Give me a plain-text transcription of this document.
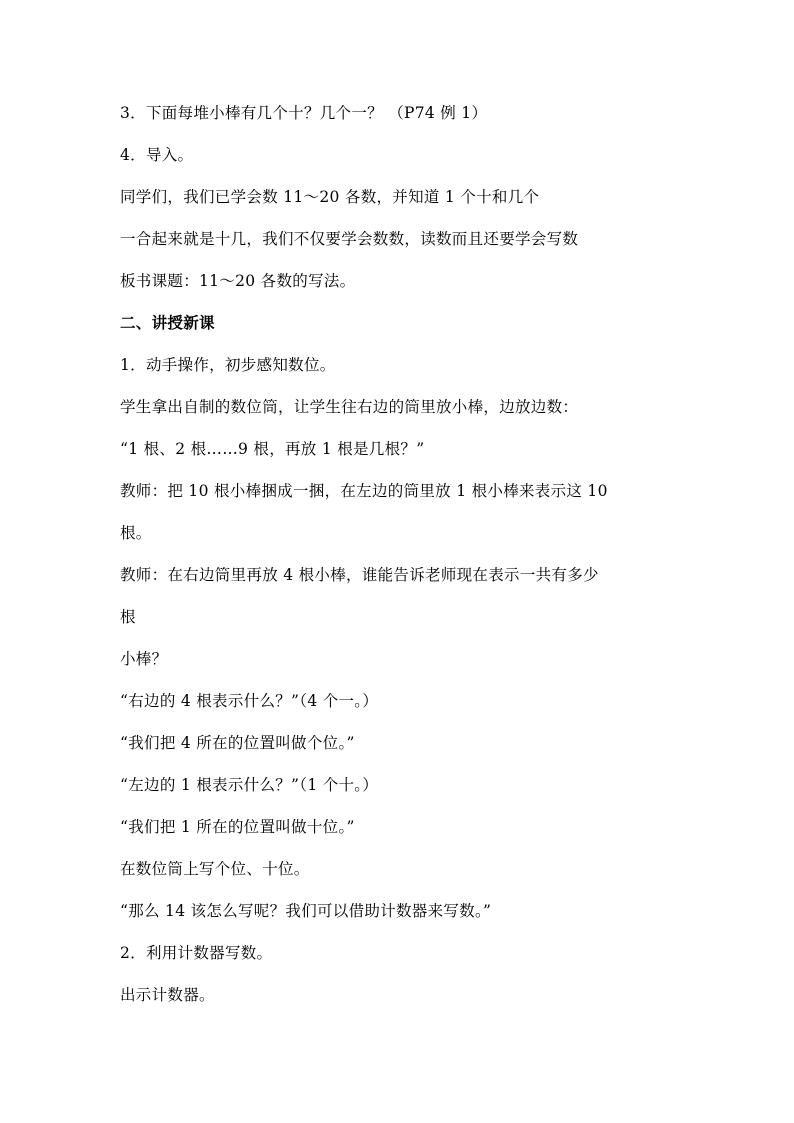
3．下面每堆小棒有几个十？几个一？ （P74 例 1）
4．导入。
同学们，我们已学会数 11～20 各数，并知道 1 个十和几个
一合起来就是十几，我们不仅要学会数数，读数而且还要学会写数
板书课题：11～20 各数的写法。
二、讲授新课
1．动手操作，初步感知数位。
学生拿出自制的数位筒，让学生往右边的筒里放小棒，边放边数：
“1 根、2 根……9 根，再放 1 根是几根？”
教师：把 10 根小棒捆成一捆，在左边的筒里放 1 根小棒来表示这 10
根。
教师：在右边筒里再放 4 根小棒，谁能告诉老师现在表示一共有多少
根
小棒？
“右边的 4 根表示什么？”（4 个一。）
“我们把 4 所在的位置叫做个位。”
“左边的 1 根表示什么？”（1 个十。）
“我们把 1 所在的位置叫做十位。”
在数位筒上写个位、十位。
“那么 14 该怎么写呢？我们可以借助计数器来写数。”
2．利用计数器写数。
出示计数器。
